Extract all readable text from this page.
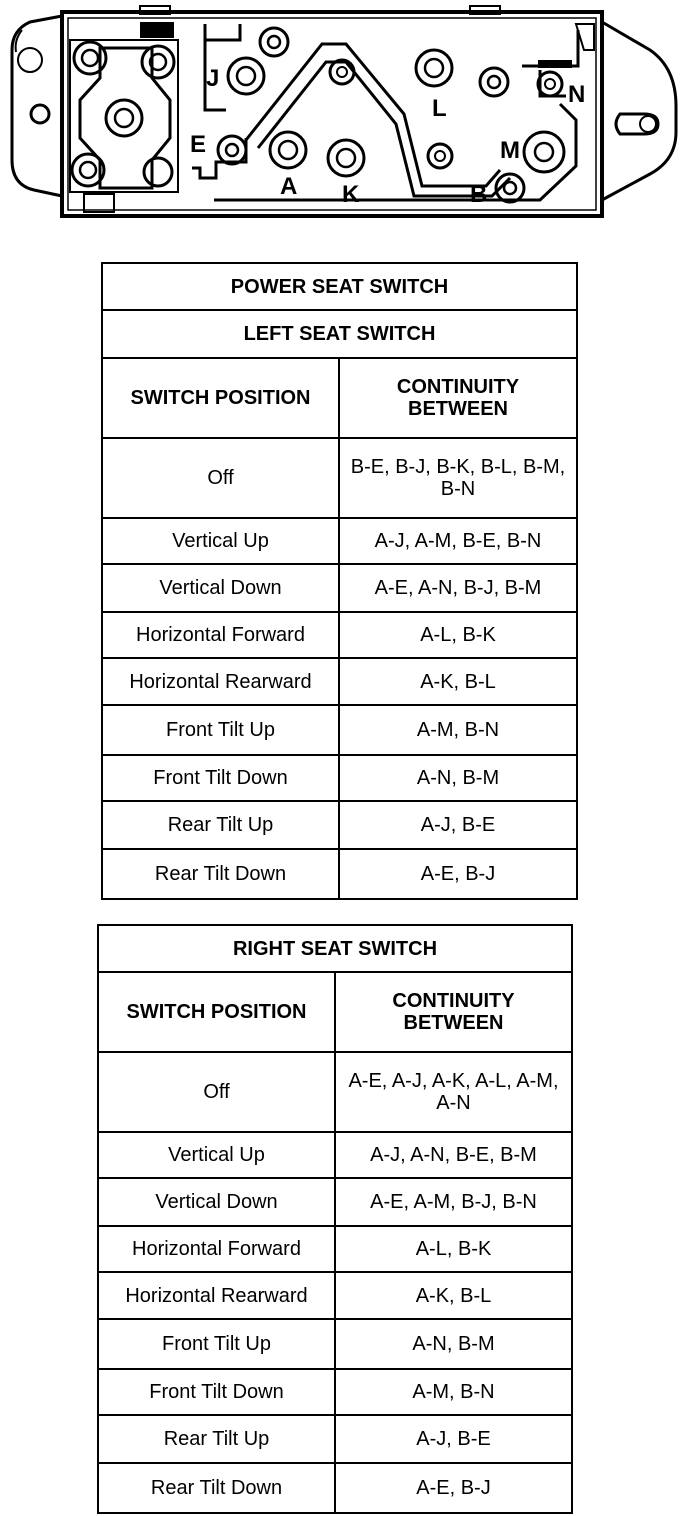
J
L
N
E	M
A K	B
POWER SEAT SWITCH	
LEFT SEAT SWITCH	
SWITCH POSITION	CONTINUITY BETWEEN
Off	B-E, B-J, B-K, B-L, B-M, B-N
Vertical Up	A-J, A-M, B-E, B-N
Vertical Down	A-E, A-N, B-J, B-M
Horizontal Forward	A-L, B-K
Horizontal Rearward	A-K, B-L
Front Tilt Up	A-M, B-N
Front Tilt Down	A-N, B-M
Rear Tilt Up	A-J, B-E
Rear Tilt Down	A-E, B-J
RIGHT SEAT SWITCH	
SWITCH POSITION	CONTINUITY BETWEEN
Off	A-E, A-J, A-K, A-L, A-M, A-N
Vertical Up	A-J, A-N, B-E, B-M
Vertical Down	A-E, A-M, B-J, B-N
Horizontal Forward	A-L, B-K
Horizontal Rearward	A-K, B-L
Front Tilt Up	A-N, B-M
Front Tilt Down	A-M, B-N
Rear Tilt Up	A-J, B-E
Rear Tilt Down	A-E, B-J
